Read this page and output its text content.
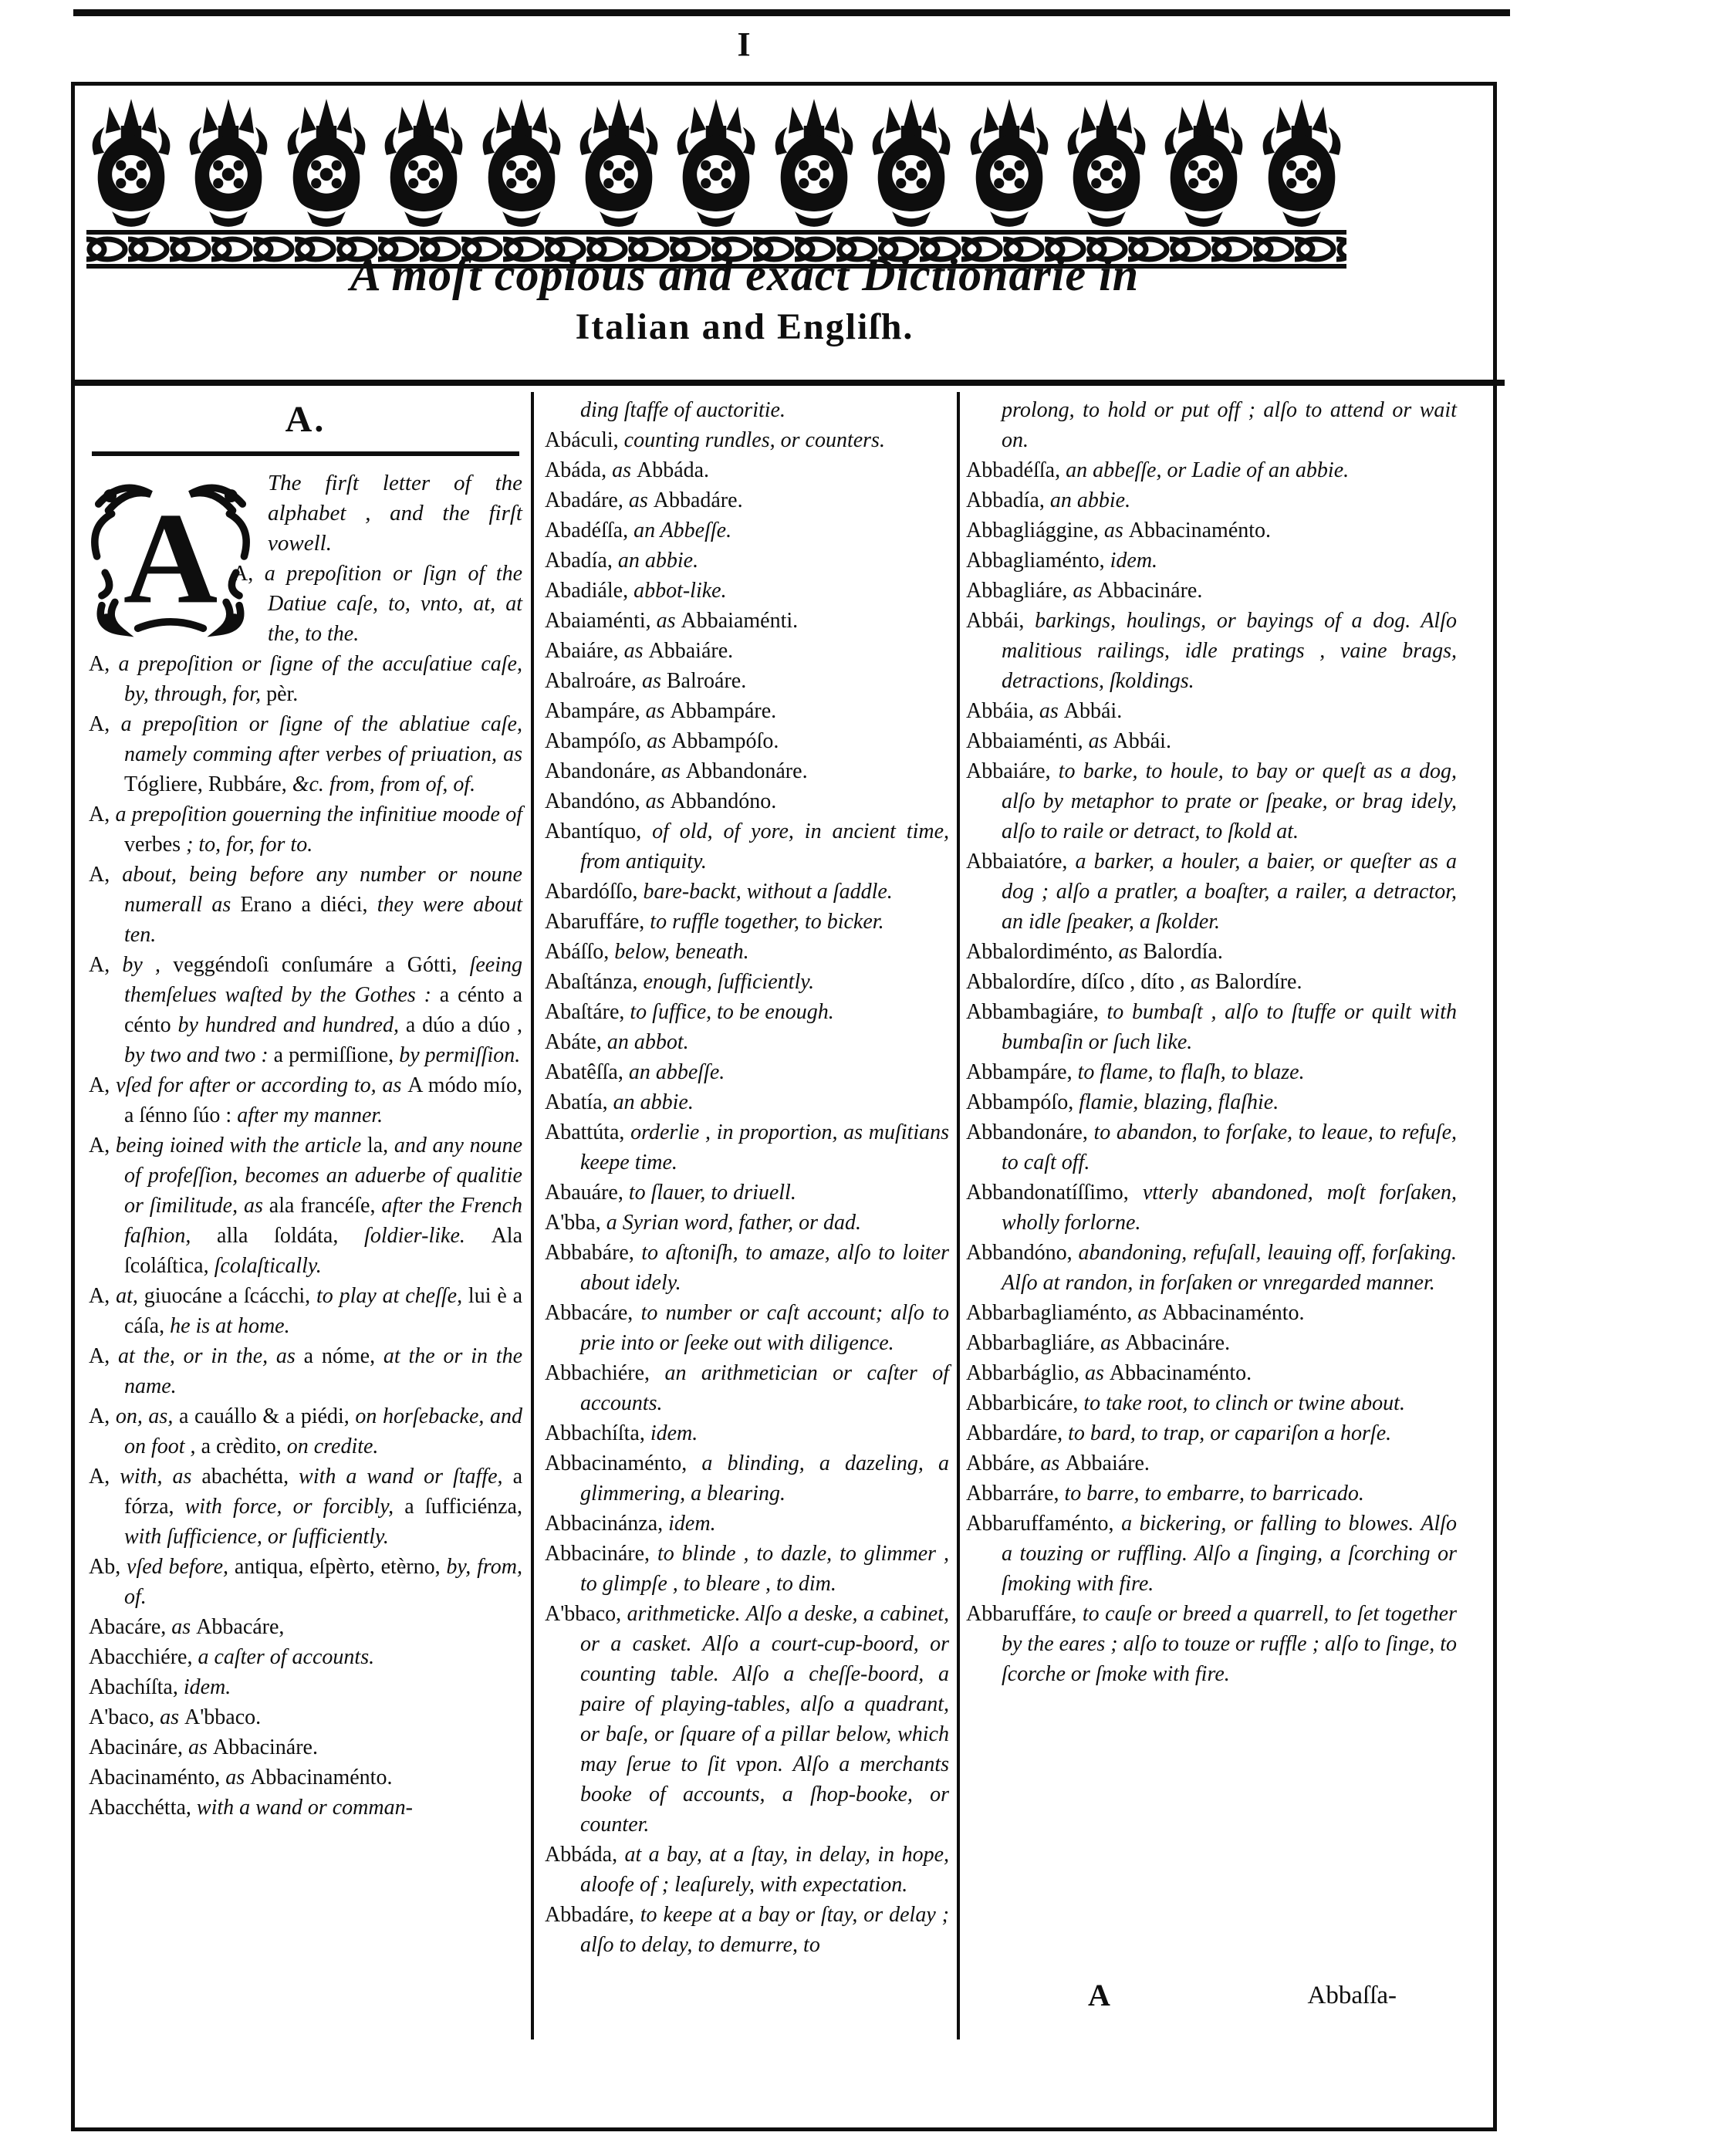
I
A moſt copious and exact Dictionarie in
Italian and Engliſh.
A.
A

The firſt letter of the alphabet , and the firſt vowell.

A, a prepoſition or ſign of the Datiue caſe, to, vnto, at, at the, to the.

A, a prepoſition or ſigne of the accuſatiue caſe, by, through, for, pèr.

A, a prepoſition or ſigne of the ablatiue caſe, namely comming after verbes of priuation, as Tógliere, Rubbáre, &c. from, from of, of.

A, a prepoſition gouerning the infinitiue moode of verbes ; to, for, for to.

A, about, being before any number or noune numerall as Erano a diéci, they were about ten.

A, by , veggéndoſi conſumáre a Gótti, ſeeing themſelues waſted by the Gothes : a cénto a cénto by hundred and hundred, a dúo a dúo , by two and two : a permiſſione, by permiſſion.

A, vſed for after or according to, as A módo mío, a ſénno ſúo : after my manner.

A, being ioined with the article la, and any noune of profeſſion, becomes an aduerbe of qualitie or ſimilitude, as ala francéſe, after the French faſhion, alla ſoldáta, ſoldier-like. Ala ſcoláſtica, ſcolaſtically.

A, at, giuocáne a ſcácchi, to play at cheſſe, lui è a cáſa, he is at home.

A, at the, or in the, as a nóme, at the or in the name.

A, on, as, a cauállo & a piédi, on horſebacke, and on foot , a crèdito, on credite.

A, with, as abachétta, with a wand or ſtaffe, a fórza, with force, or forcibly, a ſufficiénza, with ſufficience, or ſufficiently.

Ab, vſed before, antiqua, eſpèrto, etèrno, by, from, of.

Abacáre, as Abbacáre,

Abacchiére, a caſter of accounts.

Abachíſta, idem.

A'baco, as A'bbaco.

Abacináre, as Abbacináre.

Abacinaménto, as Abbacinaménto.

Abacchétta, with a wand or comman-

ding ſtaffe of auctoritie.

Abáculi, counting rundles, or counters.

Abáda, as Abbáda.

Abadáre, as Abbadáre.

Abadéſſa, an Abbeſſe.

Abadía, an abbie.

Abadiále, abbot-like.

Abaiaménti, as Abbaiaménti.

Abaiáre, as Abbaiáre.

Abalroáre, as Balroáre.

Abampáre, as Abbampáre.

Abampóſo, as Abbampóſo.

Abandonáre, as Abbandonáre.

Abandóno, as Abbandóno.

Abantíquo, of old, of yore, in ancient time, from antiquity.

Abardóſſo, bare-backt, without a ſaddle.

Abaruffáre, to ruffle together, to bicker.

Abáſſo, below, beneath.

Abaſtánza, enough, ſufficiently.

Abaſtáre, to ſuffice, to be enough.

Abáte, an abbot.

Abatêſſa, an abbeſſe.

Abatía, an abbie.

Abattúta, orderlie , in proportion, as muſitians keepe time.

Abauáre, to ſlauer, to driuell.

A'bba, a Syrian word, father, or dad.

Abbabáre, to aſtoniſh, to amaze, alſo to loiter about idely.

Abbacáre, to number or caſt account; alſo to prie into or ſeeke out with diligence.

Abbachiére, an arithmetician or caſter of accounts.

Abbachíſta, idem.

Abbacinaménto, a blinding, a dazeling, a glimmering, a blearing.

Abbacinánza, idem.

Abbacináre, to blinde , to dazle, to glimmer , to glimpſe , to bleare , to dim.

A'bbaco, arithmeticke. Alſo a deske, a cabinet, or a casket. Alſo a court-cup-boord, or counting table. Alſo a cheſſe-boord, a paire of playing-tables, alſo a quadrant, or baſe, or ſquare of a pillar below, which may ſerue to ſit vpon. Alſo a merchants booke of accounts, a ſhop-booke, or counter.

Abbáda, at a bay, at a ſtay, in delay, in hope, aloofe of ; leaſurely, with expectation.

Abbadáre, to keepe at a bay or ſtay, or delay ; alſo to delay, to demurre, to

prolong, to hold or put off ; alſo to attend or wait on.

Abbadéſſa, an abbeſſe, or Ladie of an abbie.

Abbadía, an abbie.

Abbagliággine, as Abbacinaménto.

Abbagliaménto, idem.

Abbagliáre, as Abbacináre.

Abbái, barkings, houlings, or bayings of a dog. Alſo malitious railings, idle pratings , vaine brags, detractions, ſkoldings.

Abbáia, as Abbái.

Abbaiaménti, as Abbái.

Abbaiáre, to barke, to houle, to bay or queſt as a dog, alſo by metaphor to prate or ſpeake, or brag idely, alſo to raile or detract, to ſkold at.

Abbaiatóre, a barker, a houler, a baier, or queſter as a dog ; alſo a pratler, a boaſter, a railer, a detractor, an idle ſpeaker, a ſkolder.

Abbalordiménto, as Balordía.

Abbalordíre, díſco , díto , as Balordíre.

Abbambagiáre, to bumbaſt , alſo to ſtuffe or quilt with bumbaſin or ſuch like.

Abbampáre, to flame, to flaſh, to blaze.

Abbampóſo, flamie, blazing, flaſhie.

Abbandonáre, to abandon, to forſake, to leaue, to refuſe, to caſt off.

Abbandonatíſſimo, vtterly abandoned, moſt forſaken, wholly forlorne.

Abbandóno, abandoning, refuſall, leauing off, forſaking. Alſo at randon, in forſaken or vnregarded manner.

Abbarbagliaménto, as Abbacinaménto.

Abbarbagliáre, as Abbacináre.

Abbarbáglio, as Abbacinaménto.

Abbarbicáre, to take root, to clinch or twine about.

Abbardáre, to bard, to trap, or capariſon a horſe.

Abbáre, as Abbaiáre.

Abbarráre, to barre, to embarre, to barricado.

Abbaruffaménto, a bickering, or falling to blowes. Alſo a touzing or ruffling. Alſo a ſinging, a ſcorching or ſmoking with fire.

Abbaruffáre, to cauſe or breed a quarrell, to ſet together by the eares ; alſo to touze or ruffle ; alſo to ſinge, to ſcorche or ſmoke with fire.

A	Abbaſſa-
